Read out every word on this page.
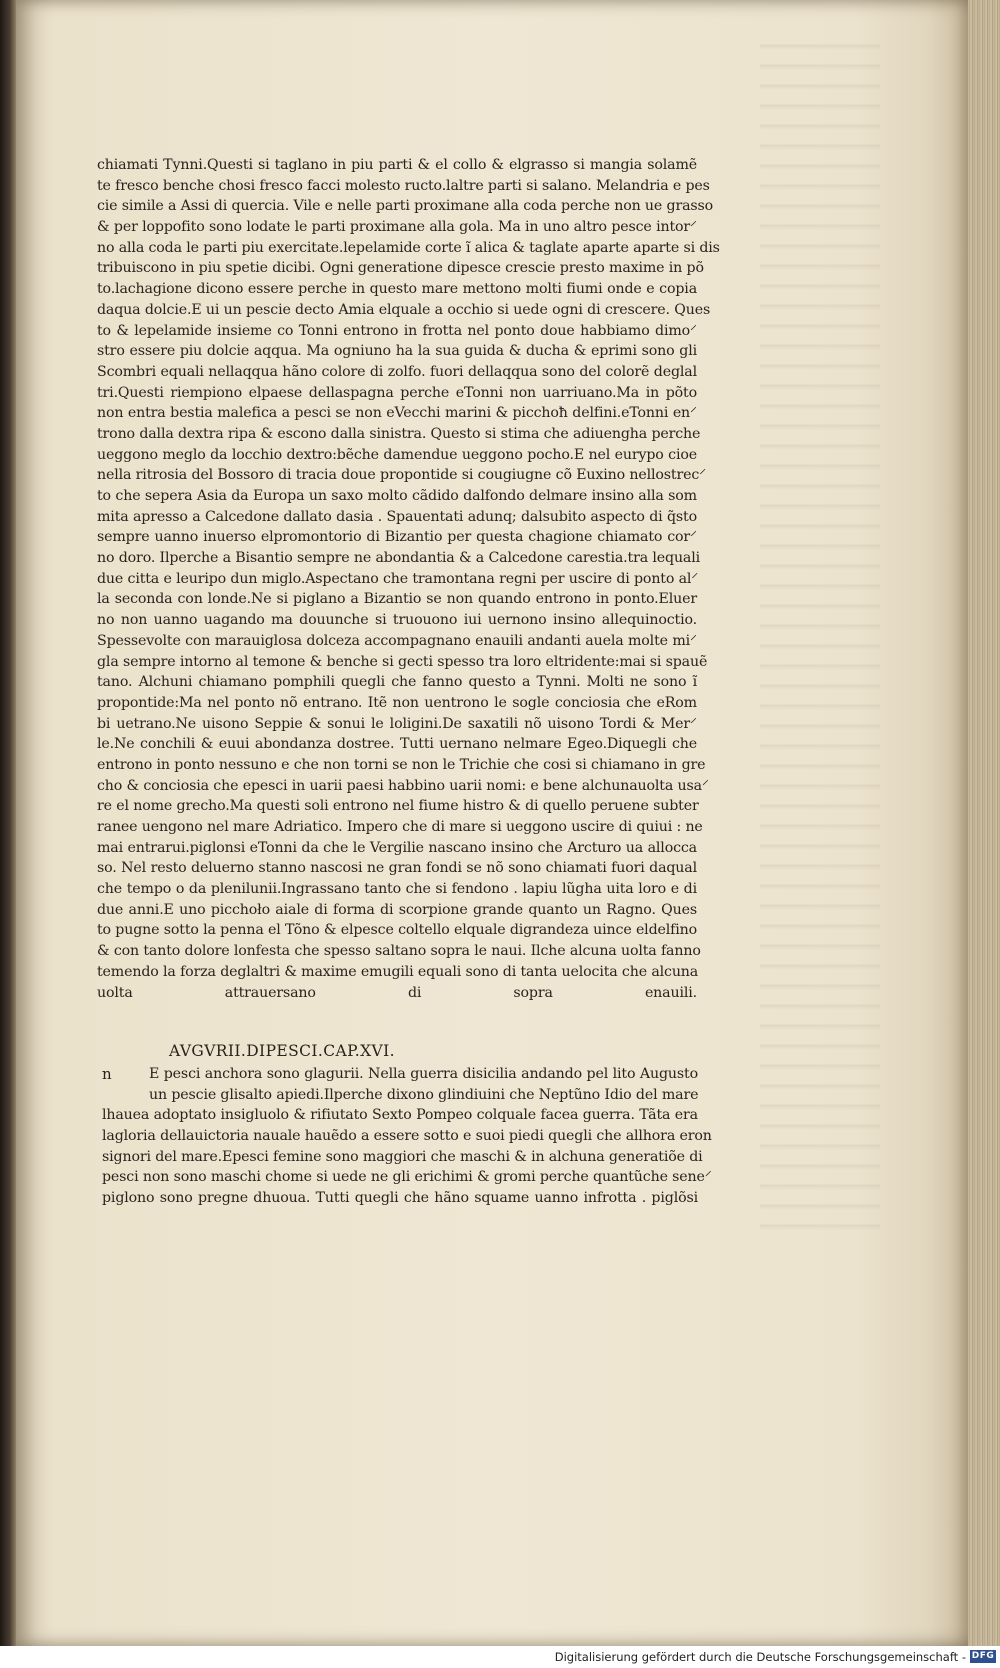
chiamati Tynni.Questi si taglano in piu parti & el collo & elgrasso si mangia solamẽ
te fresco benche chosi fresco facci molesto ructo.laltre parti si salano. Melandria e pes
cie simile a Assi di quercia. Vile e nelle parti proximane alla coda perche non ue grasso
& per loppofito sono lodate le parti proximane alla gola. Ma in uno altro pesce intor⸍
no alla coda le parti piu exercitate.lepelamide corte ĩ alica & taglate aparte aparte si dis
tribuiscono in piu spetie dicibi. Ogni generatione dipesce crescie presto maxime in põ
to.lachagione dicono essere perche in questo mare mettono molti fiumi onde e copia
daqua dolcie.E ui un pescie decto Amia elquale a occhio si uede ogni di crescere. Ques
to & lepelamide insieme co Tonni entrono in frotta nel ponto doue habbiamo dimo⸍
stro essere piu dolcie aqqua. Ma ogniuno ha la sua guida & ducha & eprimi sono gli
Scombri equali nellaqqua hãno colore di zolfo. fuori dellaqqua sono del colorẽ deglal
tri.Questi riempiono elpaese dellaspagna perche eTonni non uarriuano.Ma in põto
non entra bestia malefica a pesci se non eVecchi marini & picchoħ delfini.eTonni en⸍
trono dalla dextra ripa & escono dalla sinistra. Questo si stima che adiuengha perche
ueggono meglo da locchio dextro:bẽche damendue ueggono pocho.E nel eurypo cioe
nella ritrosia del Bossoro di tracia doue propontide si cougiugne cõ Euxino nellostrec⸍
to che sepera Asia da Europa un saxo molto cãdido dalfondo delmare insino alla som
mita apresso a Calcedone dallato dasia . Spauentati adunq; dalsubito aspecto di q̃sto
sempre uanno inuerso elpromontorio di Bizantio per questa chagione chiamato cor⸍
no doro. Ilperche a Bisantio sempre ne abondantia & a Calcedone carestia.tra lequali
due citta e leuripo dun miglo.Aspectano che tramontana regni per uscire di ponto al⸍
la seconda con londe.Ne si piglano a Bizantio se non quando entrono in ponto.Eluer
no non uanno uagando ma douunche si truouono iui uernono insino allequinoctio.
Spessevolte con marauiglosa dolceza accompagnano enauili andanti auela molte mi⸍
gla sempre intorno al temone & benche si gecti spesso tra loro eltridente:mai si spauẽ
tano. Alchuni chiamano pomphili quegli che fanno questo a Tynni. Molti ne sono ĩ
propontide:Ma nel ponto nõ entrano. Itẽ non uentrono le sogle conciosia che eRom
bi uetrano.Ne uisono Seppie & sonui le loligini.De saxatili nõ uisono Tordi & Mer⸍
le.Ne conchili & euui abondanza dostree. Tutti uernano nelmare Egeo.Diquegli che
entrono in ponto nessuno e che non torni se non le Trichie che cosi si chiamano in gre
cho & conciosia che epesci in uarii paesi habbino uarii nomi: e bene alchunauolta usa⸍
re el nome grecho.Ma questi soli entrono nel fiume histro & di quello peruene subter
ranee uengono nel mare Adriatico. Impero che di mare si ueggono uscire di quiui : ne
mai entrarui.piglonsi eTonni da che le Vergilie nascano insino che Arcturo ua allocca
so. Nel resto deluerno stanno nascosi ne gran fondi se nõ sono chiamati fuori daqual
che tempo o da plenilunii.Ingrassano tanto che si fendono . lapiu lũgha uita loro e di
due anni.E uno picchoło aiale di forma di scorpione grande quanto un Ragno. Ques
to pugne sotto la penna el Tõno & elpesce coltello elquale digrandeza uince eldelfino
& con tanto dolore lonfesta che spesso saltano sopra le naui. Ilche alcuna uolta fanno
temendo la forza deglaltri & maxime emugili equali sono di tanta uelocita che alcuna
uolta attrauersano di sopra enauili.
AVGVRII.DIPESCI.CAP.XVI.
n	E pesci anchora sono glagurii. Nella guerra disicilia andando pel lito Augusto
un pescie glisalto apiedi.Ilperche dixono glindiuini che Neptũno Idio del mare
lhauea adoptato insigluolo & rifiutato Sexto Pompeo colquale facea guerra. Tãta era
lagloria dellauictoria nauale hauẽdo a essere sotto e suoi piedi quegli che allhora eron
signori del mare.Epesci femine sono maggiori che maschi & in alchuna generatiõe di
pesci non sono maschi chome si uede ne gli erichimi & gromi perche quantũche sene⸍
piglono sono pregne dhuoua. Tutti quegli che hãno squame uanno infrotta . piglõsi
Digitalisierung gefördert durch die Deutsche Forschungsgemeinschaft - DFG
